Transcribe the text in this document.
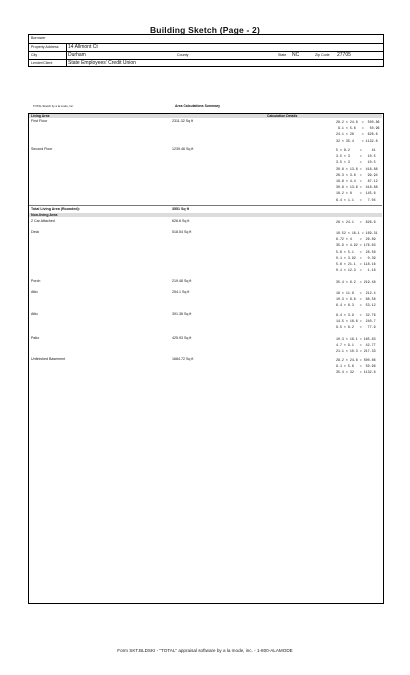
Building Sketch (Page - 2)
Borrower
Property Address 14 Allmont Ct
City	Durham	County	State NC	Zip Code 27705
Lender/Client	State Employees' Credit Union
TOTAL Sketch by a la mode, inc.	Area Calculations Summary
Living Area	Calculation Details
First Floor	2311.32 Sq ft	28.2 × 24.8  =  500.86
9.1 × 5.6   =   50.96
24.1 × 26    =  626.6
32 × 35.4    = 1132.8
Second Floor	1239.46 Sq ft	5 × 8.2     =     41
3.5 × 3     =   10.5
3.5 × 3     =   10.5
30.8 × 13.6 =  418.88
26.3 × 3.8  =   99.94
19.8 × 4.4  =   87.12
30.8 × 13.6 =  418.88
18.2 × 8    =  145.6
6.4 × 1.1   =   7.04
Total Living Area (Rounded):	3551 Sq ft
Non-living Area
2 Car Attached	626.6 Sq ft	26 × 24.1   =  626.6
Deck	518.54 Sq ft	10.52 × 16.1 = 169.31
6.72 × 4    =  26.89
35.9 × 4.92 = 176.63
5.6 × 5.1   =  28.56
0.1 × 3.92  =   0.39
5.6 × 21.1  = 118.16
0.1 × 12.3  =   1.18
Porch	219.48 Sq ft	35.4 × 6.2  = 219.48
Attic	254.1 Sq ft	18 × 11.8   =  212.4
10.3 × 8.6  =  88.58
6.4 × 8.3   =  53.12
Attic	391.36 Sq ft	8.4 × 3.9   =  32.76
14.5 × 16.6 =  240.7
9.5 × 8.2   =   77.9
Patio	425.93 Sq ft	10.3 × 16.1 = 165.83
4.7 × 9.1   =  42.77
21.1 × 10.3 = 217.33
Unfinished Basement	1684.72 Sq ft	28.2 × 24.8 = 500.86
9.1 × 5.6   =  50.96
35.4 × 32   = 1132.8
Form SKT.BLDSKI - "TOTAL" appraisal software by a la mode, inc. - 1-800-ALAMODE
